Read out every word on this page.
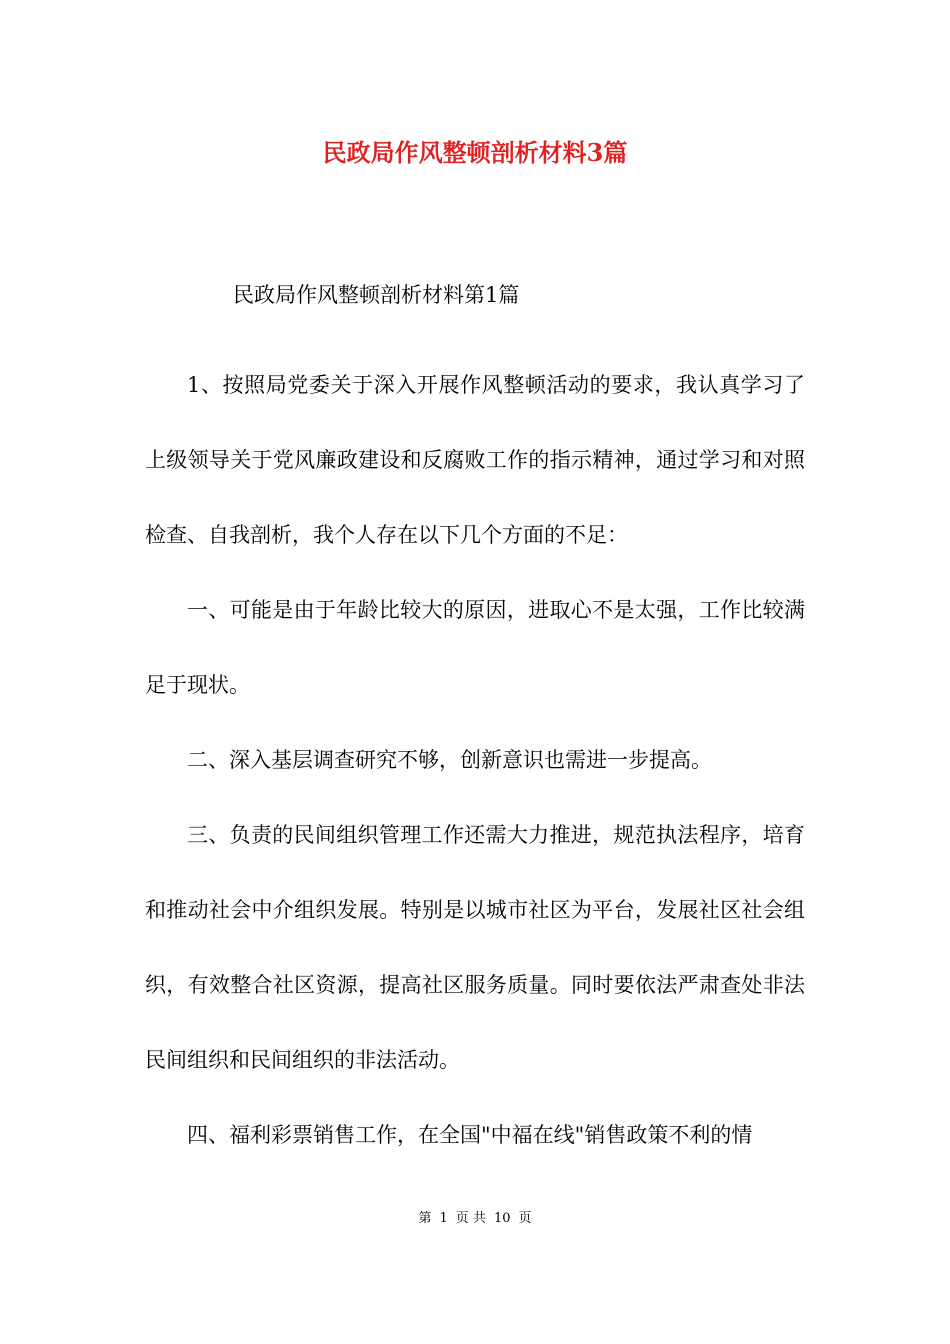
民政局作风整顿剖析材料3篇
民政局作风整顿剖析材料第1篇

1、按照局党委关于深入开展作风整顿活动的要求，我认真学习了上级领导关于党风廉政建设和反腐败工作的指示精神，通过学习和对照检查、自我剖析，我个人存在以下几个方面的不足：

一、可能是由于年龄比较大的原因，进取心不是太强，工作比较满足于现状。

二、深入基层调查研究不够，创新意识也需进一步提高。

三、负责的民间组织管理工作还需大力推进，规范执法程序，培育和推动社会中介组织发展。特别是以城市社区为平台，发展社区社会组织，有效整合社区资源，提高社区服务质量。同时要依法严肃查处非法民间组织和民间组织的非法活动。

四、福利彩票销售工作，在全国"中福在线"销售政策不利的情

第 1 页 共 10 页
